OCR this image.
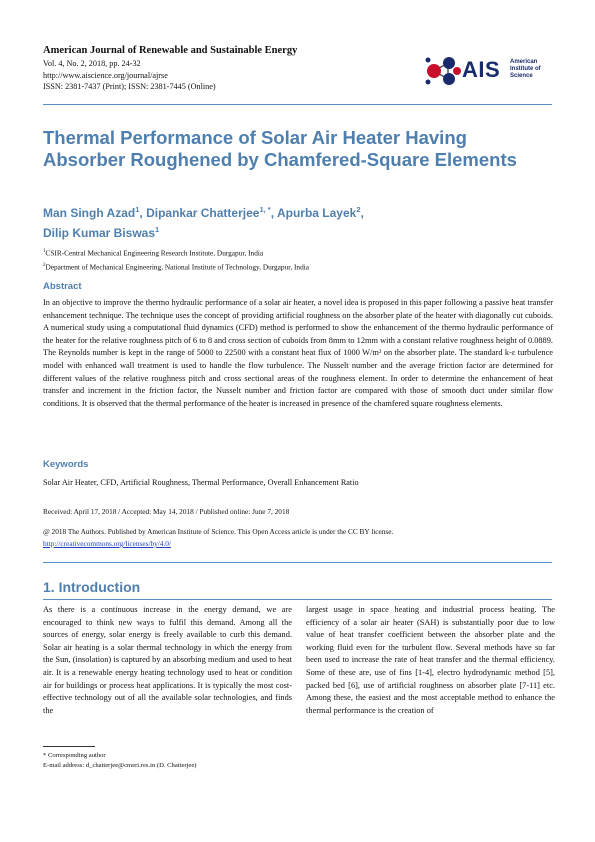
American Journal of Renewable and Sustainable Energy
Vol. 4, No. 2, 2018, pp. 24-32
http://www.aiscience.org/journal/ajrse
ISSN: 2381-7437 (Print); ISSN: 2381-7445 (Online)
AIS American
Institute of
Science
Thermal Performance of Solar Air Heater Having Absorber Roughened by Chamfered-Square Elements
Man Singh Azad$^1$, Dipankar Chatterjee$^{1, *}$, Apurba Layek$^2$,
Dilip Kumar Biswas$^1$
$^1$CSIR-Central Mechanical Engineering Research Institute, Durgapur, India
$^2$Department of Mechanical Engineering, National Institute of Technology, Durgapur, India
Abstract

In an objective to improve the thermo hydraulic performance of a solar air heater, a novel idea is proposed in this paper following a passive heat transfer enhancement technique. The technique uses the concept of providing artificial roughness on the absorber plate of the heater with diagonally cut cuboids. A numerical study using a computational fluid dynamics (CFD) method is performed to show the enhancement of the thermo hydraulic performance of the heater for the relative roughness pitch of 6 to 8 and cross section of cuboids from 8mm to 12mm with a constant relative roughness height of 0.0889. The Reynolds number is kept in the range of 5000 to 22500 with a constant heat flux of 1000 W/m² on the absorber plate. The standard k-ε turbulence model with enhanced wall treatment is used to handle the flow turbulence. The Nusselt number and the average friction factor are determined for different values of the relative roughness pitch and cross sectional areas of the roughness element. In order to determine the enhancement of heat transfer and increment in the friction factor, the Nusselt number and friction factor are compared with those of smooth duct under similar flow conditions. It is observed that the thermal performance of the heater is increased in presence of the chamfered square roughness elements.

Keywords
Solar Air Heater, CFD, Artificial Roughness, Thermal Performance, Overall Enhancement Ratio
Received: April 17, 2018 / Accepted: May 14, 2018 / Published online: June 7, 2018
@ 2018 The Authors. Published by American Institute of Science. This Open Access article is under the CC BY license.
http://creativecommons.org/licenses/by/4.0/
1. Introduction

As there is a continuous increase in the energy demand, we are encouraged to think new ways to fulfil this demand. Among all the sources of energy, solar energy is freely available to curb this demand. Solar air heating is a solar thermal technology in which the energy from the Sun, (insolation) is captured by an absorbing medium and used to heat air. It is a renewable energy heating technology used to heat or condition air for buildings or process heat applications. It is typically the most cost-effective technology out of all the available solar technologies, and finds the

largest usage in space heating and industrial process heating. The efficiency of a solar air heater (SAH) is substantially poor due to low value of heat transfer coefficient between the absorber plate and the working fluid even for the turbulent flow. Several methods have so far been used to increase the rate of heat transfer and the thermal efficiency. Some of these are, use of fins [1-4], electro hydrodynamic method [5], packed bed [6], use of artificial roughness on absorber plate [7-11] etc. Among these, the easiest and the most acceptable method to enhance the thermal performance is the creation of

* Corresponding author
E-mail address: d_chatterjee@cmeri.res.in (D. Chatterjee)
